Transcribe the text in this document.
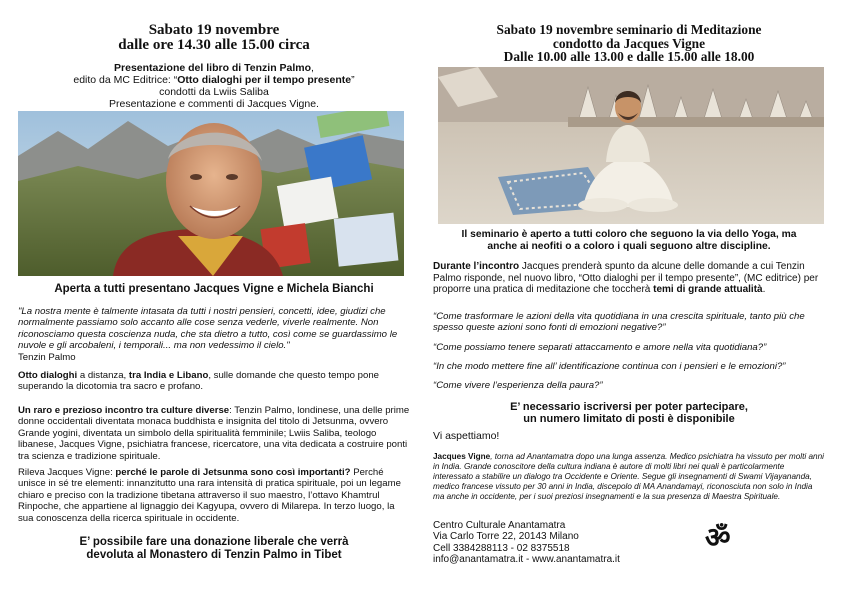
Sabato 19 novembre
dalle ore 14.30 alle 15.00 circa
Presentazione del libro di Tenzin Palmo,
edito da MC Editrice: “Otto dialoghi per il tempo presente”
condotti da Lwiis Saliba
Presentazione e commenti di Jacques Vigne.
Aperta a tutti presentano Jacques Vigne e Michela Bianchi

"La nostra mente è talmente intasata da tutti i nostri pensieri, concetti, idee, giudizi che normalmente passiamo solo accanto alle cose senza vederle, viverle realmente. Non riconosciamo questa coscienza nuda, che sta dietro a tutto, così come se guardassimo le nuvole e gli arcobaleni, i temporali... ma non vedessimo il cielo."

Tenzin Palmo

Otto dialoghi a distanza, tra India e Libano, sulle domande che questo tempo pone superando la dicotomia tra sacro e profano.

Un raro e prezioso incontro tra culture diverse: Tenzin Palmo, londinese, una delle prime donne occidentali diventata monaca buddhista e insignita del titolo di Jetsunma, ovvero Grande yogini, diventata un simbolo della spiritualità femminile; Lwiis Saliba, teologo libanese, Jacques Vigne, psichiatra francese, ricercatore, una vita dedicata a costruire ponti tra scienza e tradizione spirituale.

Rileva Jacques Vigne: perché le parole di Jetsunma sono così importanti? Perché unisce in sé tre elementi: innanzitutto una rara intensità di pratica spirituale, poi un legame chiaro e preciso con la tradizione tibetana attraverso il suo maestro, l’ottavo Khamtrul Rinpoche, che appartiene al lignaggio dei Kagyupa, ovvero di Milarepa. In terzo luogo, la sua conoscenza della ricerca spirituale in occidente.

E’ possibile fare una donazione liberale che verrà
devoluta al Monastero di Tenzin Palmo in Tibet
Sabato 19 novembre seminario di Meditazione
condotto da Jacques Vigne
Dalle 10.00 alle 13.00 e dalle 15.00 alle 18.00
Il seminario è aperto a tutti coloro che seguono la via dello Yoga, ma
anche ai neofiti o a coloro i quali seguono altre discipline.

Durante l’incontro Jacques prenderà spunto da alcune delle domande a cui Tenzin Palmo risponde, nel nuovo libro, “Otto dialoghi per il tempo presente”, (MC editrice) per proporre una pratica di meditazione che toccherà temi di grande attualità.

“Come trasformare le azioni della vita quotidiana in una crescita spirituale, tanto più che spesso queste azioni sono fonti di emozioni negative?”

“Come possiamo tenere separati attaccamento e amore nella vita quotidiana?”

“In che modo mettere fine all’ identificazione continua con i pensieri e le emozioni?”

“Come vivere l’esperienza della paura?”

E’ necessario iscriversi per poter partecipare,
un numero limitato di posti è disponibile

Vi aspettiamo!

Jacques Vigne, torna ad Anantamatra dopo una lunga assenza. Medico psichiatra ha vissuto per molti anni in India. Grande conoscitore della cultura indiana è autore di molti libri nei quali è particolarmente interessato a stabilire un dialogo tra Occidente e Oriente. Segue gli insegnamenti di Swami Vijayananda, medico francese vissuto per 30 anni in India, discepolo di MA Anandamayi, riconosciuta non solo in India ma anche in occidente, per i suoi preziosi insegnamenti e la sua presenza di Maestra Spirituale.

Centro Culturale Anantamatra
Via Carlo Torre 22, 20143 Milano
Cell 3384288113 - 02 8375518
info@anantamatra.it - www.anantamatra.it
ॐ
